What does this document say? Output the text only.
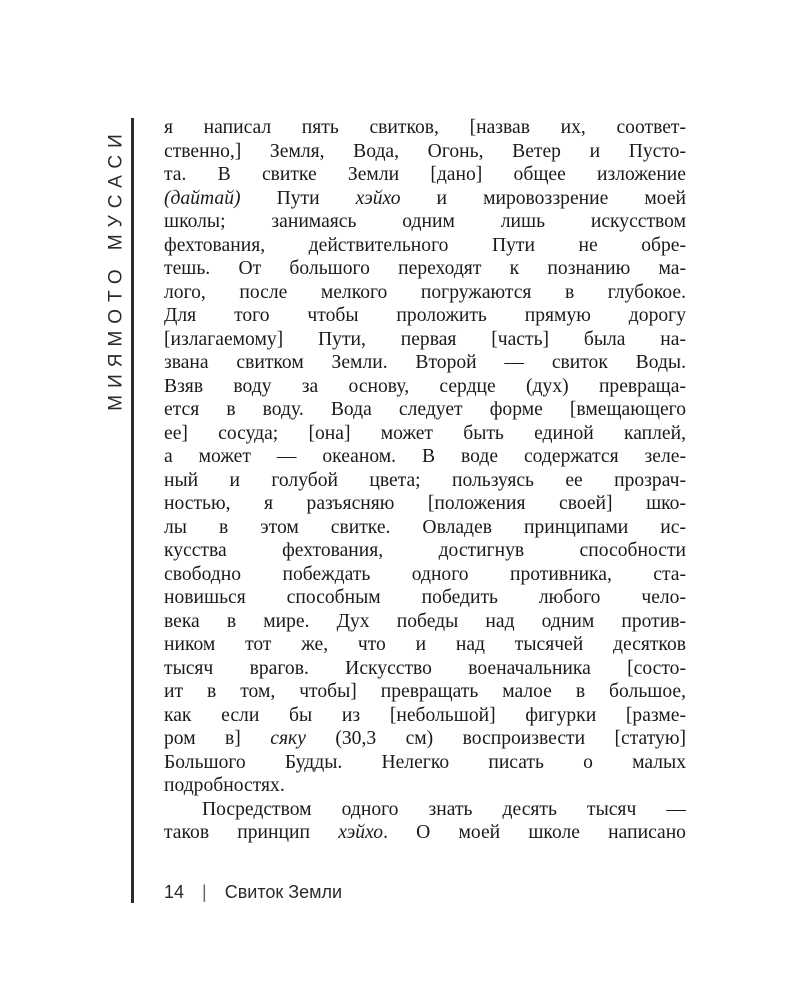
МИЯМОТО МУСАСИ я написал пять свитков, [назвав их, соответ-

ственно,] Земля, Вода, Огонь, Ветер и Пусто-

та. В свитке Земли [дано] общее изложение

(дайтай) Пути хэйхо и мировоззрение моей

школы; занимаясь одним лишь искусством

фехтования, действительного Пути не обре-

тешь. От большого переходят к познанию ма-

лого, после мелкого погружаются в глубокое.

Для того чтобы проложить прямую дорогу

[излагаемому] Пути, первая [часть] была на-

звана свитком Земли. Второй — свиток Воды.

Взяв воду за основу, сердце (дух) превраща-

ется в воду. Вода следует форме [вмещающего

ее] сосуда; [она] может быть единой каплей,

а может — океаном. В воде содержатся зеле-

ный и голубой цвета; пользуясь ее прозрач-

ностью, я разъясняю [положения своей] шко-

лы в этом свитке. Овладев принципами ис-

кусства фехтования, достигнув способности

свободно побеждать одного противника, ста-

новишься способным победить любого чело-

века в мире. Дух победы над одним против-

ником тот же, что и над тысячей десятков

тысяч врагов. Искусство военачальника [состо-

ит в том, чтобы] превращать малое в большое,

как если бы из [небольшой] фигурки [разме-

ром в] сяку (30,3 см) воспроизвести [статую]

Большого Будды. Нелегко писать о малых

подробностях.

Посредством одного знать десять тысяч —

таков принцип хэйхо. О моей школе написано

14 | Свиток Земли
